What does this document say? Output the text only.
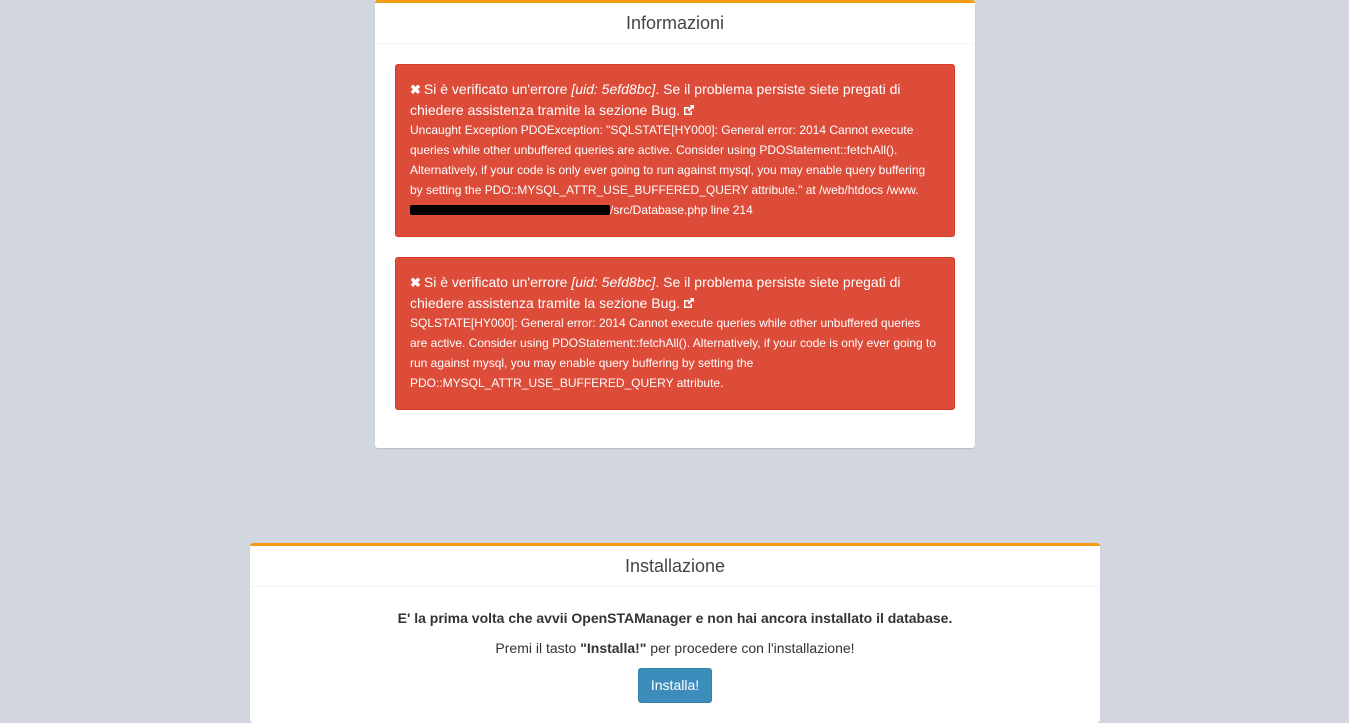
Informazioni
✖ Si è verificato un'errore [uid: 5efd8bc]. Se il problema persiste siete pregati di chiedere assistenza tramite la sezione Bug.
Uncaught Exception PDOException: "SQLSTATE[HY000]: General error: 2014 Cannot execute queries while other unbuffered queries are active. Consider using PDOStatement::fetchAll(). Alternatively, if your code is only ever going to run against mysql, you may enable query buffering by setting the PDO::MYSQL_ATTR_USE_BUFFERED_QUERY attribute." at /web/htdocs /www./src/Database.php line 214
✖ Si è verificato un'errore [uid: 5efd8bc]. Se il problema persiste siete pregati di chiedere assistenza tramite la sezione Bug.
SQLSTATE[HY000]: General error: 2014 Cannot execute queries while other unbuffered queries are active. Consider using PDOStatement::fetchAll(). Alternatively, if your code is only ever going to run against mysql, you may enable query buffering by setting the PDO::MYSQL_ATTR_USE_BUFFERED_QUERY attribute.
Installazione

E' la prima volta che avvii OpenSTAManager e non hai ancora installato il database.

Premi il tasto "Installa!" per procedere con l'installazione!

Installa!
